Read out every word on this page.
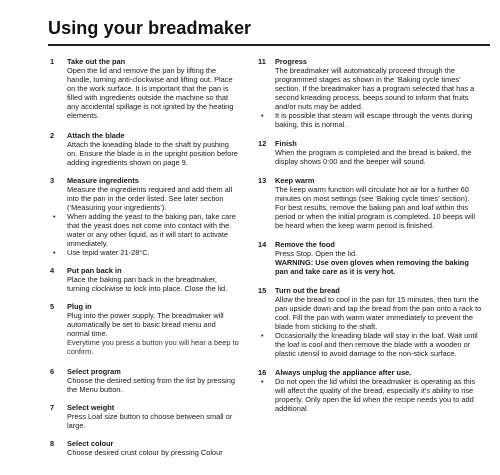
Using your breadmaker
1 Take out the pan
Open the lid and remove the pan by lifting the handle, turning anti-clockwise and lifting out. Place on the work surface. It is important that the pan is filled with ingredients outside the machine so that any accidental spillage is not ignited by the heating elements.
2 Attach the blade
Attach the kneading blade to the shaft by pushing on. Ensure the blade is in the upright position before adding ingredients shown on page 9.
3 Measure ingredients
Measure the ingredients required and add them all into the pan in the order listed. See later section (‘Measuring your ingredients’).
• When adding the yeast to the baking pan, take care that the yeast does not come into contact with the water or any other liquid, as it will start to activate immediately.
• Use tepid water 21-28°C.
4 Put pan back in
Place the baking pan back in the breadmaker, turning clockwise to lock into place. Close the lid.
5 Plug in
Plug into the power supply. The breadmaker will automatically be set to basic bread menu and normal time.
Everytime you press a button you will hear a beep to confirm.
6 Select program
Choose the desired setting from the list by pressing the Menu button.
7 Select weight
Press Loaf size button to choose between small or large.
8 Select colour
Choose desired crust colour by pressing Colour
11 Progress
The breadmaker will automatically proceed through the programmed stages as shown in the ‘Baking cycle times’ section. If the breadmaker has a program selected that has a second kneading process, beeps sound to inform that fruits and/or nuts may be added.
• It is possible that steam will escape through the vents during baking, this is normal.
12 Finish
When the program is completed and the bread is baked, the display shows 0:00 and the beeper will sound.
13 Keep warm
The keep warm function will circulate hot air for a further 60 minutes on most settings (see ‘Baking cycle times’ section). For best results, remove the baking pan and loaf within this period or when the initial program is completed. 10 beeps will be heard when the keep warm period is finished.
14 Remove the food
Press Stop. Open the lid.
WARNING: Use oven gloves when removing the baking pan and take care as it is very hot.
15 Turn out the bread
Allow the bread to cool in the pan for 15 minutes, then turn the pan upside down and tap the bread from the pan onto a rack to cool. Fill the pan with warm water immediately to prevent the blade from sticking to the shaft.
• Occasionally the kneading blade will stay in the loaf. Wait until the loaf is cool and then remove the blade with a wooden or plastic utensil to avoid damage to the non-stick surface.
16 Always unplug the appliance after use.
• Do not open the lid whilst the breadmaker is operating as this will affect the quality of the bread, especially it’s ability to rise properly. Only open the lid when the recipe needs you to add additional
